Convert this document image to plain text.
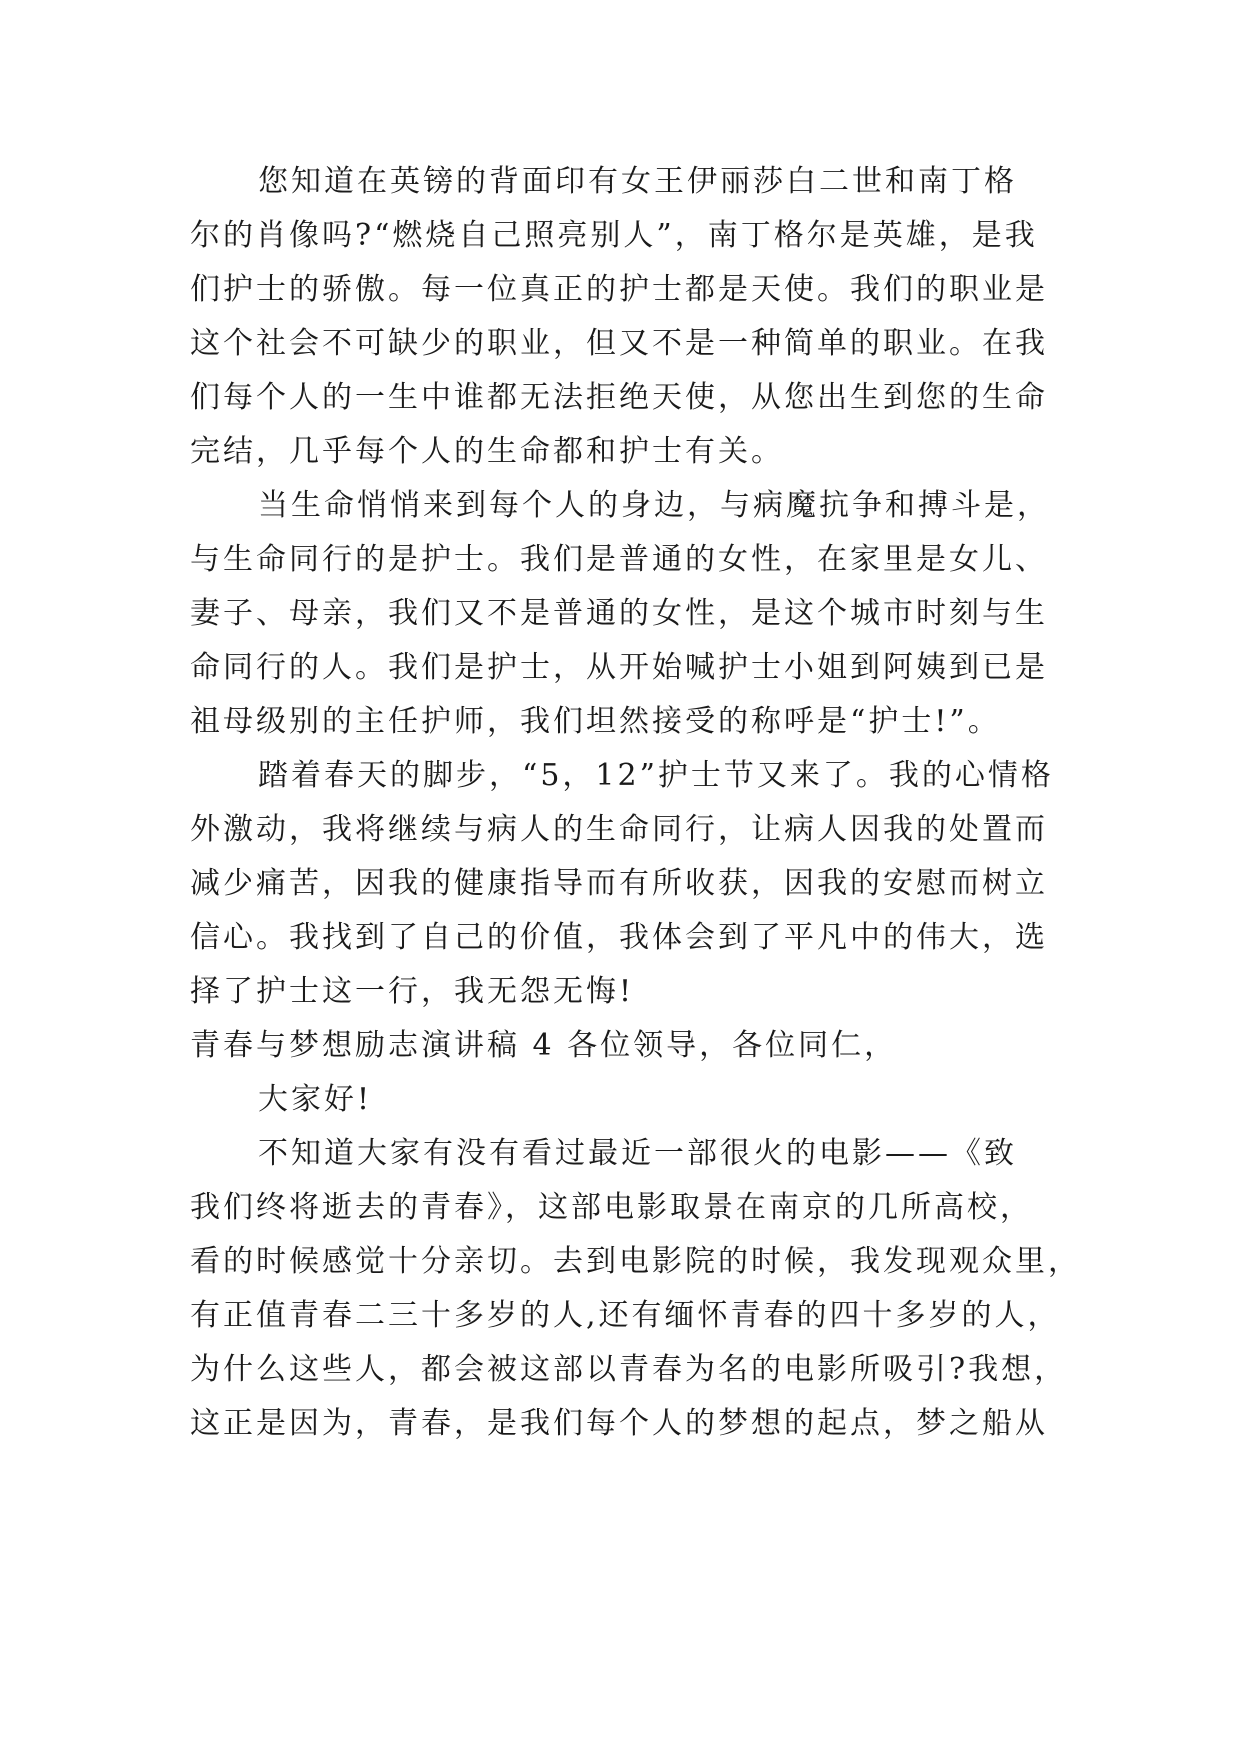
您知道在英镑的背面印有女王伊丽莎白二世和南丁格
尔的肖像吗?“燃烧自己照亮别人”，南丁格尔是英雄，是我
们护士的骄傲。每一位真正的护士都是天使。我们的职业是
这个社会不可缺少的职业，但又不是一种简单的职业。在我
们每个人的一生中谁都无法拒绝天使，从您出生到您的生命
完结，几乎每个人的生命都和护士有关。
当生命悄悄来到每个人的身边，与病魔抗争和搏斗是，
与生命同行的是护士。我们是普通的女性，在家里是女儿、
妻子、母亲，我们又不是普通的女性，是这个城市时刻与生
命同行的人。我们是护士，从开始喊护士小姐到阿姨到已是
祖母级别的主任护师，我们坦然接受的称呼是“护士!”。
踏着春天的脚步，“5，12”护士节又来了。我的心情格
外激动，我将继续与病人的生命同行，让病人因我的处置而
减少痛苦，因我的健康指导而有所收获，因我的安慰而树立
信心。我找到了自己的价值，我体会到了平凡中的伟大，选
择了护士这一行，我无怨无悔!
青春与梦想励志演讲稿 4 各位领导，各位同仁，
大家好!
不知道大家有没有看过最近一部很火的电影——《致
我们终将逝去的青春》，这部电影取景在南京的几所高校，
看的时候感觉十分亲切。去到电影院的时候，我发现观众里，
有正值青春二三十多岁的人,还有缅怀青春的四十多岁的人，
为什么这些人，都会被这部以青春为名的电影所吸引?我想，
这正是因为，青春，是我们每个人的梦想的起点，梦之船从
